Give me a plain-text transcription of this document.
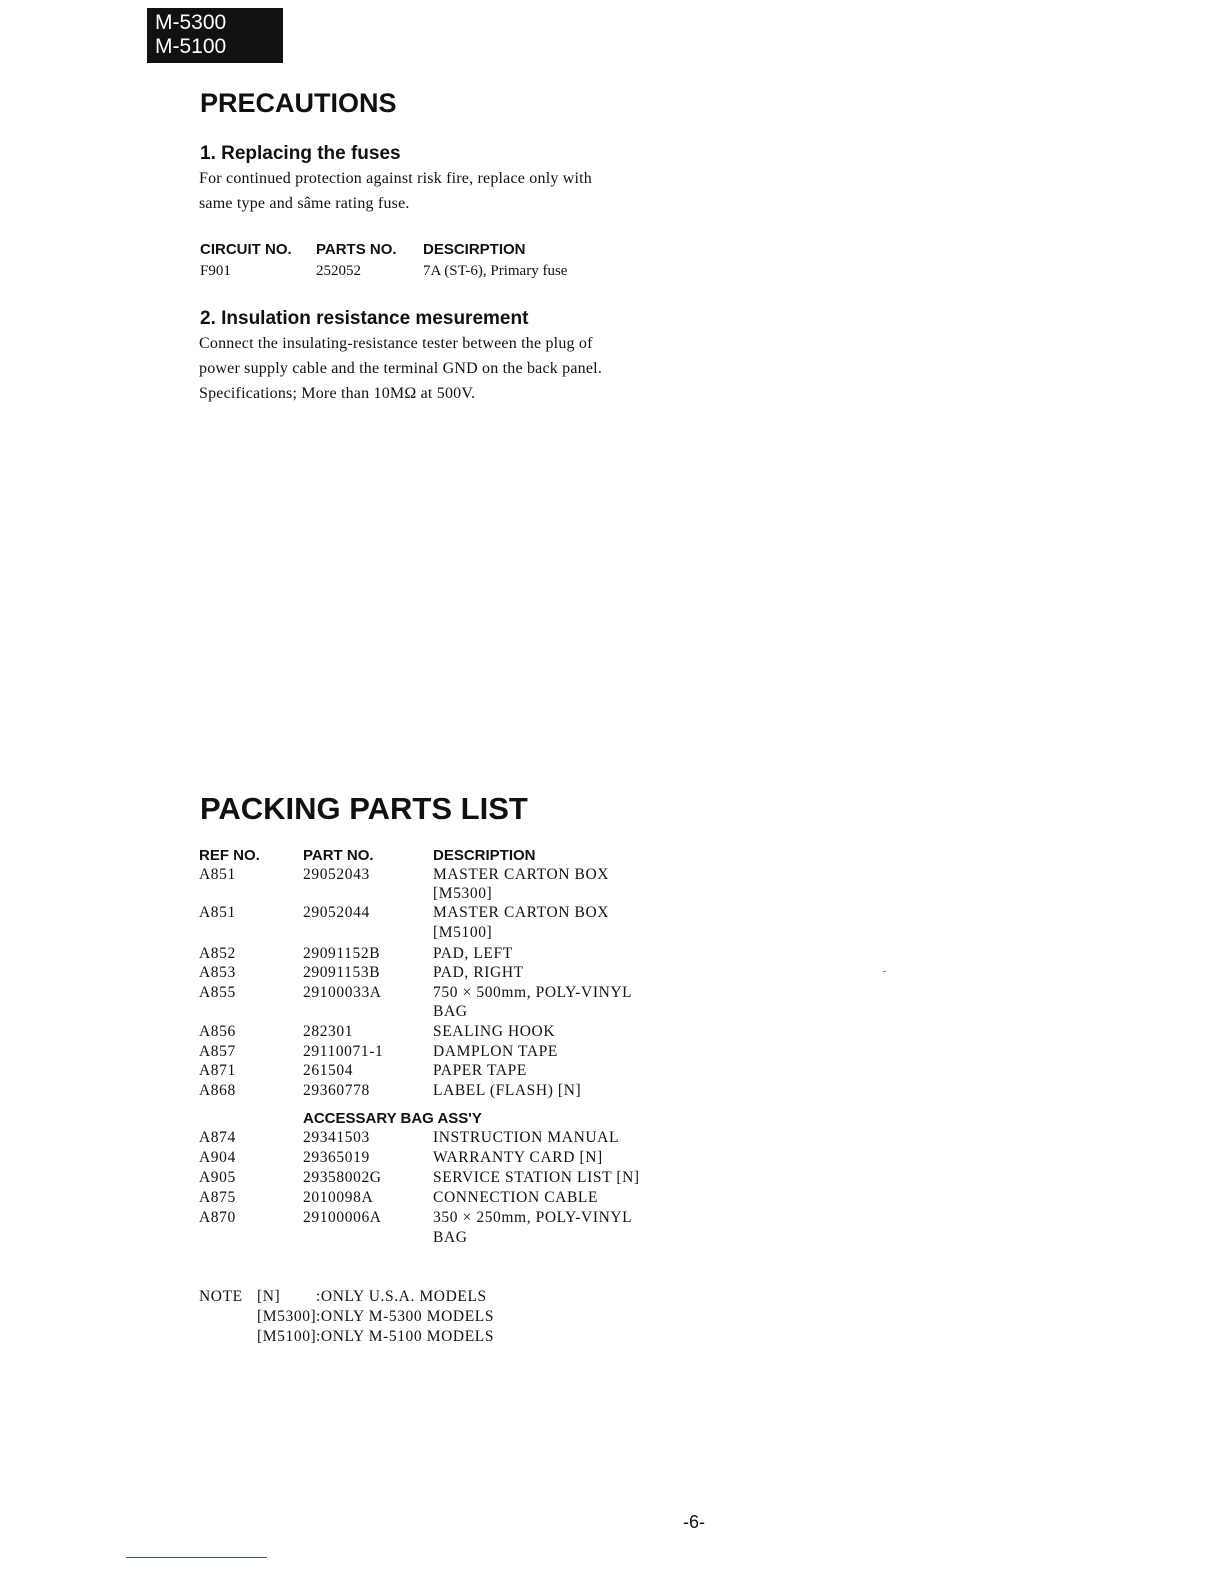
M-5300
M-5100
PRECAUTIONS
1. Replacing the fuses
For continued protection against risk fire, replace only with
same type and sâme rating fuse.
CIRCUIT NO. PARTS NO. DESCIRPTION
F901	252052	7A (ST-6), Primary fuse
2. Insulation resistance mesurement
Connect the insulating-resistance tester between the plug of
power supply cable and the terminal GND on the back panel.
Specifications; More than 10MΩ at 500V.
PACKING PARTS LIST
REF NO.	PART NO.	DESCRIPTION
A851	29052043	MASTER CARTON BOX
[M5300]
A851	29052044	MASTER CARTON BOX
[M5100]
A852	29091152B	PAD, LEFT
A853	29091153B	PAD, RIGHT
A855	29100033A	750 × 500mm, POLY-VINYL
BAG
A856	282301	SEALING HOOK
A857	29110071-1	DAMPLON TAPE
A871	261504	PAPER TAPE
A868	29360778	LABEL (FLASH) [N]
ACCESSARY BAG ASS'Y
A874	29341503	INSTRUCTION MANUAL
A904	29365019	WARRANTY CARD [N]
A905	29358002G	SERVICE STATION LIST [N]
A875	2010098A	CONNECTION CABLE
A870	29100006A	350 × 250mm, POLY-VINYL
BAG
NOTE [N] :ONLY U.S.A. MODELS
[M5300] :ONLY M-5300 MODELS
[M5100] :ONLY M-5100 MODELS
-6-
